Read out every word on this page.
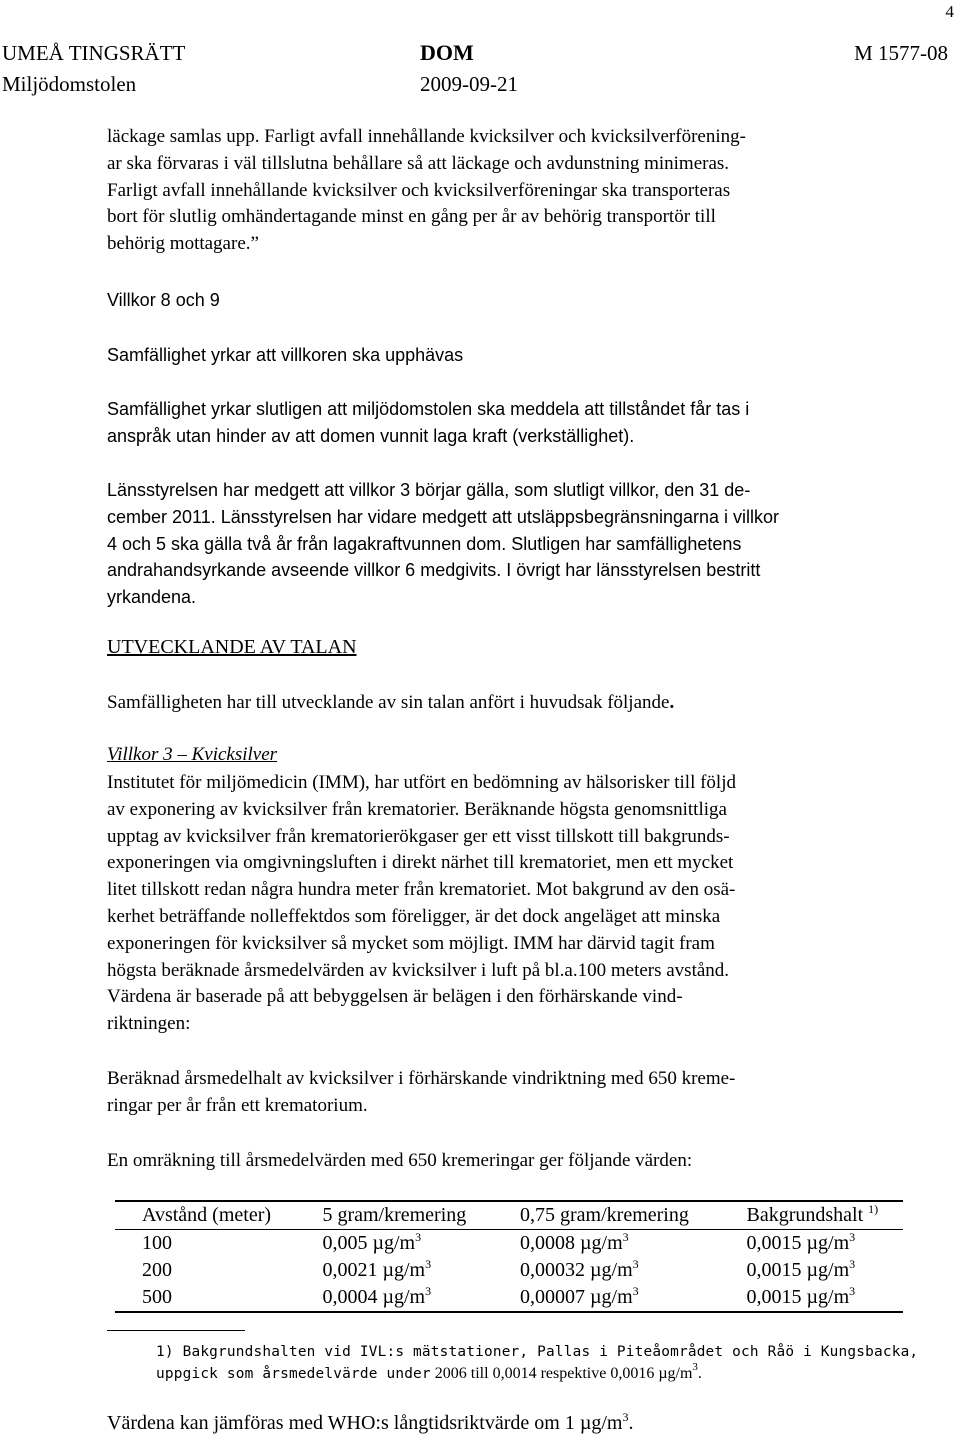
4
UMEÅ TINGSRÄTT	DOM	M 1577-08
Miljödomstolen	2009-09-21
läckage samlas upp. Farligt avfall innehållande kvicksilver och kvicksilverförening-
ar ska förvaras i väl tillslutna behållare så att läckage och avdunstning minimeras.
Farligt avfall innehållande kvicksilver och kvicksilverföreningar ska transporteras
bort för slutlig omhändertagande minst en gång per år av behörig transportör till
behörig mottagare.”
Villkor 8 och 9
Samfällighet yrkar att villkoren ska upphävas
Samfällighet yrkar slutligen att miljödomstolen ska meddela att tillståndet får tas i
anspråk utan hinder av att domen vunnit laga kraft (verkställighet).
Länsstyrelsen har medgett att villkor 3 börjar gälla, som slutligt villkor, den 31 de-
cember 2011. Länsstyrelsen har vidare medgett att utsläppsbegränsningarna i villkor
4 och 5 ska gälla två år från lagakraftvunnen dom. Slutligen har samfällighetens
andrahandsyrkande avseende villkor 6 medgivits. I övrigt har länsstyrelsen bestritt
yrkandena.
UTVECKLANDE AV TALAN
Samfälligheten har till utvecklande av sin talan anfört i huvudsak följande.
Villkor 3 – Kvicksilver
Institutet för miljömedicin (IMM), har utfört en bedömning av hälsorisker till följd
av exponering av kvicksilver från krematorier. Beräknande högsta genomsnittliga
upptag av kvicksilver från krematorierökgaser ger ett visst tillskott till bakgrunds-
exponeringen via omgivningsluften i direkt närhet till krematoriet, men ett mycket
litet tillskott redan några hundra meter från krematoriet. Mot bakgrund av den osä-
kerhet beträffande nolleffektdos som föreligger, är det dock angeläget att minska
exponeringen för kvicksilver så mycket som möjligt. IMM har därvid tagit fram
högsta beräknade årsmedelvärden av kvicksilver i luft på bl.a.100 meters avstånd.
Värdena är baserade på att bebyggelsen är belägen i den förhärskande vind-
riktningen:
Beräknad årsmedelhalt av kvicksilver i förhärskande vindriktning med 650 kreme-
ringar per år från ett krematorium.
En omräkning till årsmedelvärden med 650 kremeringar ger följande värden:
Avstånd (meter)	5 gram/kremering	0,75 gram/kremering	Bakgrundshalt $^{1)}$
100	0,005 $\mu g/m^3$	0,0008 $\mu g/m^3$	0,0015 $\mu g/m^3$
200	0,0021 $\mu g/m^3$	0,00032 $\mu g/m^3$	0,0015 $\mu g/m^3$
500	0,0004 $\mu g/m^3$	0,00007 $\mu g/m^3$	0,0015 $\mu g/m^3$
1) Bakgrundshalten vid IVL:s mätstationer, Pallas i Piteåområdet och Råö i Kungsbacka,
uppgick som årsmedelvärde under 2006 till 0,0014 respektive 0,0016 µg/m$^3$.
Värdena kan jämföras med WHO:s långtidsriktvärde om 1 $\mu g/m^3$.
